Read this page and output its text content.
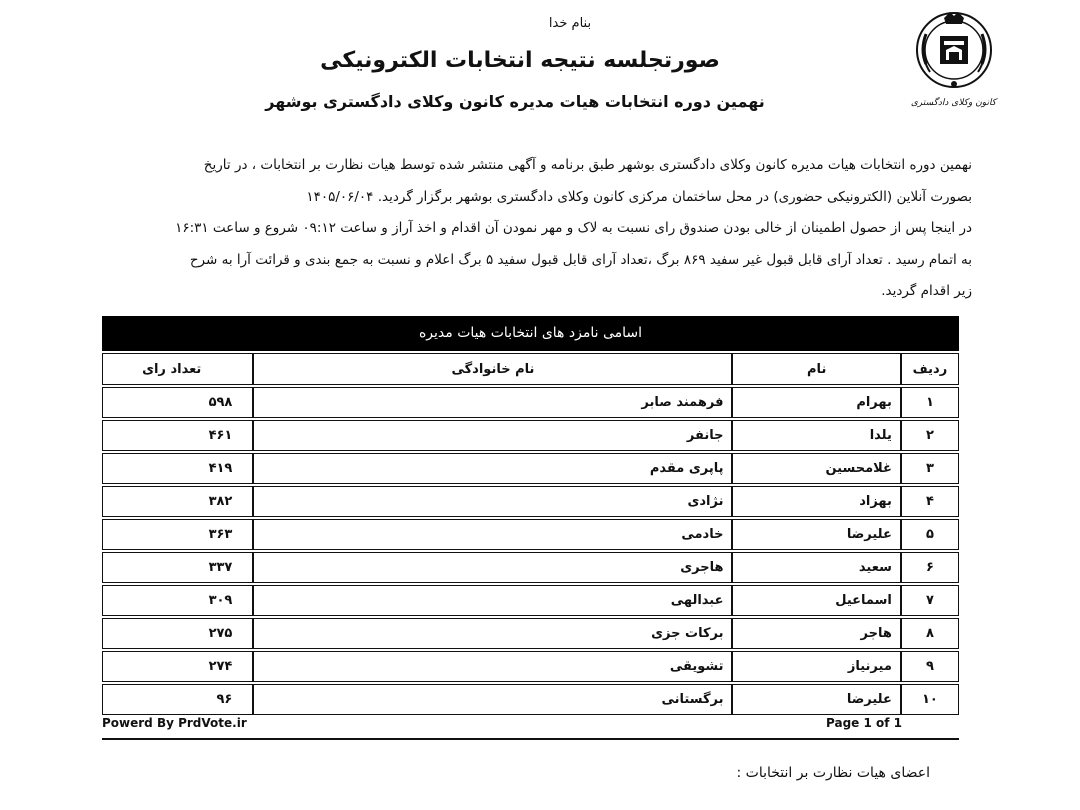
بنام خدا
صورتجلسه نتیجه انتخابات الکترونیکی
نهمین دوره انتخابات هیات مدیره کانون وکلای دادگستری بوشهر	کانون وکلای دادگستری

نهمین دوره انتخابات هیات مدیره کانون وکلای دادگستری بوشهر طبق برنامه و آگهی منتشر شده توسط هیات نظارت بر انتخابات ، در تاریخ

بصورت آنلاین (الکترونیکی حضوری) در محل ساختمان مرکزی کانون وکلای دادگستری بوشهر برگزار گردید. ۱۴۰۵/۰۶/۰۴

در اینجا پس از حصول اطمینان از خالی بودن صندوق رای نسبت به لاک و مهر نمودن آن اقدام و اخذ آراز و ساعت ۰۹:۱۲ شروع و ساعت ۱۶:۳۱

به اتمام رسید . تعداد آرای قابل قبول غیر سفید ۸۶۹ برگ ،تعداد آرای قابل قبول سفید ۵ برگ اعلام و نسبت به جمع بندی و قرائت آرا به شرح

زیر اقدام گردید.

اسامی نامزد های انتخابات هیات مدیره
ردیف	نام	نام خانوادگی	تعداد رای
۱	بهرام	فرهمند صابر	۵۹۸
۲	یلدا	جانفر	۴۶۱
۳	غلامحسین	پاپری مقدم	۴۱۹
۴	بهزاد	نژادی	۳۸۲
۵	علیرضا	خادمی	۳۶۳
۶	سعید	هاجری	۳۳۷
۷	اسماعیل	عبدالهی	۳۰۹
۸	هاجر	برکات جزی	۲۷۵
۹	میرنیاز	تشویقی	۲۷۴
۱۰	علیرضا	برگستانی	۹۶
Powerd By PrdVote.ir	Page 1 of 1
اعضای هیات نظارت بر انتخابات :
